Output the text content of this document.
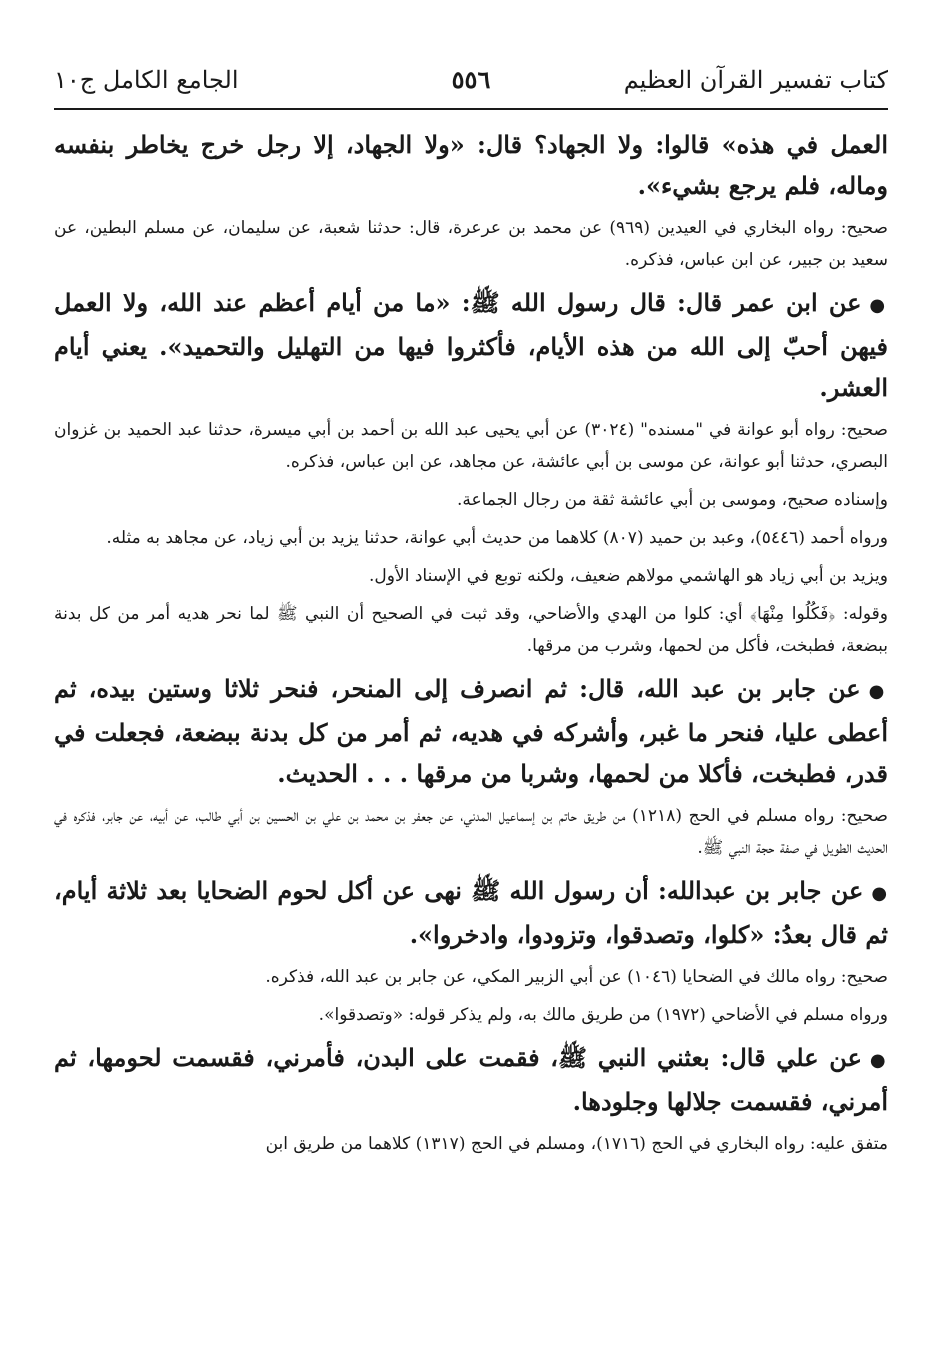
كتاب تفسير القرآن العظيم
٥٥٦
الجامع الكامل ج١٠

العمل في هذه» قالوا: ولا الجهاد؟ قال: «ولا الجهاد، إلا رجل خرج يخاطر بنفسه وماله، فلم يرجع بشيء».

صحيح: رواه البخاري في العيدين (٩٦٩) عن محمد بن عرعرة، قال: حدثنا شعبة، عن سليمان، عن مسلم البطين، عن سعيد بن جبير، عن ابن عباس، فذكره.

●عن ابن عمر قال: قال رسول الله ﷺ: «ما من أيام أعظم عند الله، ولا العمل فيهن أحبّ إلى الله من هذه الأيام، فأكثروا فيها من التهليل والتحميد». يعني أيام العشر.

صحيح: رواه أبو عوانة في "مسنده" (٣٠٢٤) عن أبي يحيى عبد الله بن أحمد بن أبي ميسرة، حدثنا عبد الحميد بن غزوان البصري، حدثنا أبو عوانة، عن موسى بن أبي عائشة، عن مجاهد، عن ابن عباس، فذكره.

وإسناده صحيح، وموسى بن أبي عائشة ثقة من رجال الجماعة.

ورواه أحمد (٥٤٤٦)، وعبد بن حميد (٨٠٧) كلاهما من حديث أبي عوانة، حدثنا يزيد بن أبي زياد، عن مجاهد به مثله.

ويزيد بن أبي زياد هو الهاشمي مولاهم ضعيف، ولكنه توبع في الإسناد الأول.

وقوله: ﴿فَكُلُوا مِنْهَا﴾ أي: كلوا من الهدي والأضاحي، وقد ثبت في الصحيح أن النبي ﷺ لما نحر هديه أمر من كل بدنة ببضعة، فطبخت، فأكل من لحمها، وشرب من مرقها.

●عن جابر بن عبد الله، قال: ثم انصرف إلى المنحر، فنحر ثلاثا وستين بيده، ثم أعطى عليا، فنحر ما غبر، وأشركه في هديه، ثم أمر من كل بدنة ببضعة، فجعلت في قدر، فطبخت، فأكلا من لحمها، وشربا من مرقها . . . الحديث.

صحيح: رواه مسلم في الحج (١٢١٨) من طريق حاتم بن إسماعيل المدني، عن جعفر بن محمد بن علي بن الحسين بن أبي طالب، عن أبيه، عن جابر، فذكره في الحديث الطويل في صفة حجة النبي ﷺ.

●عن جابر بن عبدالله: أن رسول الله ﷺ نهى عن أكل لحوم الضحايا بعد ثلاثة أيام، ثم قال بعدُ: «كلوا، وتصدقوا، وتزودوا، وادخروا».

صحيح: رواه مالك في الضحايا (١٠٤٦) عن أبي الزبير المكي، عن جابر بن عبد الله، فذكره.

ورواه مسلم في الأضاحي (١٩٧٢) من طريق مالك به، ولم يذكر قوله: «وتصدقوا».

●عن علي قال: بعثني النبي ﷺ، فقمت على البدن، فأمرني، فقسمت لحومها، ثم أمرني، فقسمت جلالها وجلودها.

متفق عليه: رواه البخاري في الحج (١٧١٦)، ومسلم في الحج (١٣١٧) كلاهما من طريق ابن
